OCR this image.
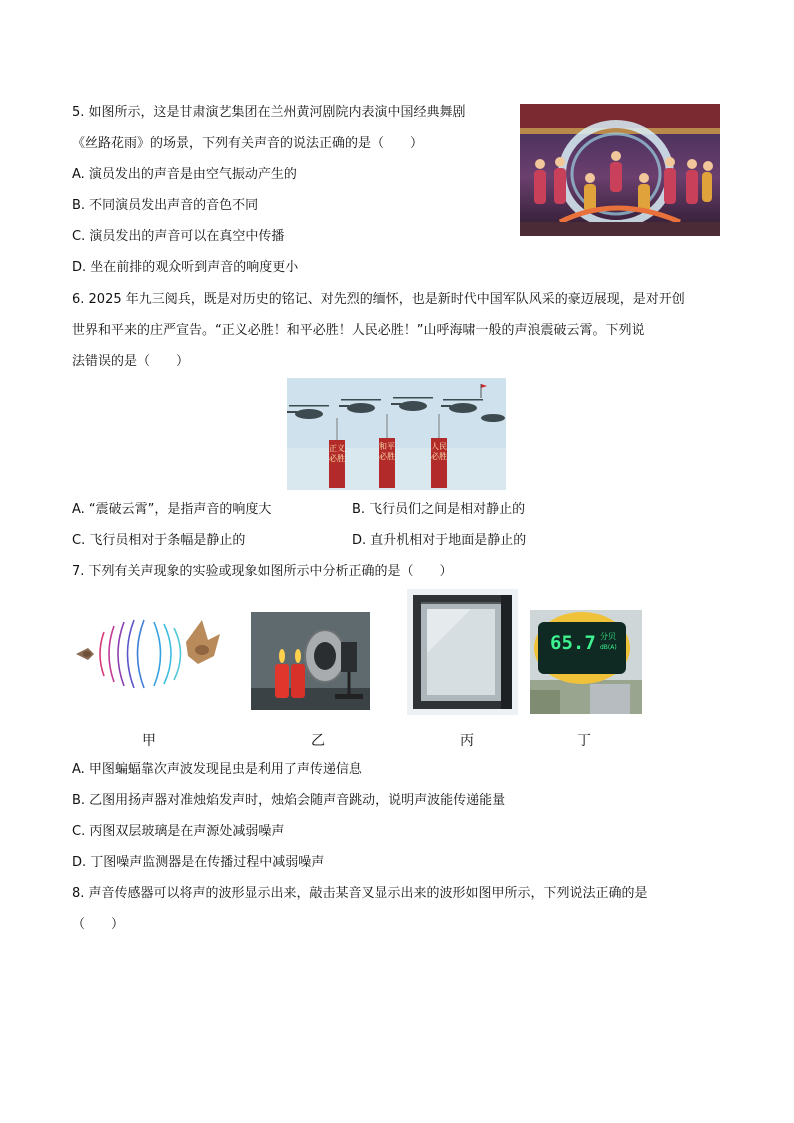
5. 如图所示，这是甘肃演艺集团在兰州黄河剧院内表演中国经典舞剧
《丝路花雨》的场景，下列有关声音的说法正确的是（　　）
A. 演员发出的声音是由空气振动产生的
B. 不同演员发出声音的音色不同
C. 演员发出的声音可以在真空中传播
D. 坐在前排的观众听到声音的响度更小
6. 2025 年九三阅兵，既是对历史的铭记、对先烈的缅怀，也是新时代中国军队风采的豪迈展现，是对开创
世界和平来的庄严宣告。“正义必胜！和平必胜！人民必胜！”山呼海啸一般的声浪震破云霄。下列说
法错误的是（　　）
正义必胜
和平必胜
人民必胜
A. “震破云霄”，是指声音的响度大	B. 飞行员们之间是相对静止的
C. 飞行员相对于条幅是静止的	D. 直升机相对于地面是静止的
7. 下列有关声现象的实验或现象如图所示中分析正确的是（　　）
65.7 分贝
dB(A)
甲	乙	丙	丁
A. 甲图蝙蝠靠次声波发现昆虫是利用了声传递信息
B. 乙图用扬声器对准烛焰发声时，烛焰会随声音跳动，说明声波能传递能量
C. 丙图双层玻璃是在声源处减弱噪声
D. 丁图噪声监测器是在传播过程中减弱噪声
8. 声音传感器可以将声的波形显示出来，敲击某音叉显示出来的波形如图甲所示，下列说法正确的是
（　　）
